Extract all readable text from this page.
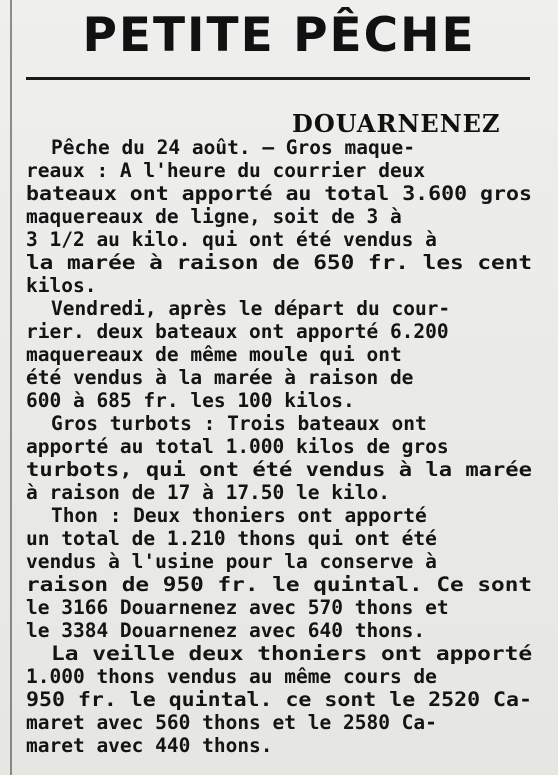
PETITE PÊCHE
DOUARNENEZ
Pêche du 24 août. — Gros maque-
reaux : A l'heure du courrier deux
bateaux ont apporté au total 3.600 gros
maquereaux de ligne, soit de 3 à
3 1/2 au kilo. qui ont été vendus à
la marée à raison de 650 fr. les cent
kilos.
Vendredi, après le départ du cour-
rier. deux bateaux ont apporté 6.200
maquereaux de même moule qui ont
été vendus à la marée à raison de
600 à 685 fr. les 100 kilos.
Gros turbots : Trois bateaux ont
apporté au total 1.000 kilos de gros
turbots, qui ont été vendus à la marée
à raison de 17 à 17.50 le kilo.
Thon : Deux thoniers ont apporté
un total de 1.210 thons qui ont été
vendus à l'usine pour la conserve à
raison de 950 fr. le quintal. Ce sont
le 3166 Douarnenez avec 570 thons et
le 3384 Douarnenez avec 640 thons.
La veille deux thoniers ont apporté
1.000 thons vendus au même cours de
950 fr. le quintal. ce sont le 2520 Ca-
maret avec 560 thons et le 2580 Ca-
maret avec 440 thons.
